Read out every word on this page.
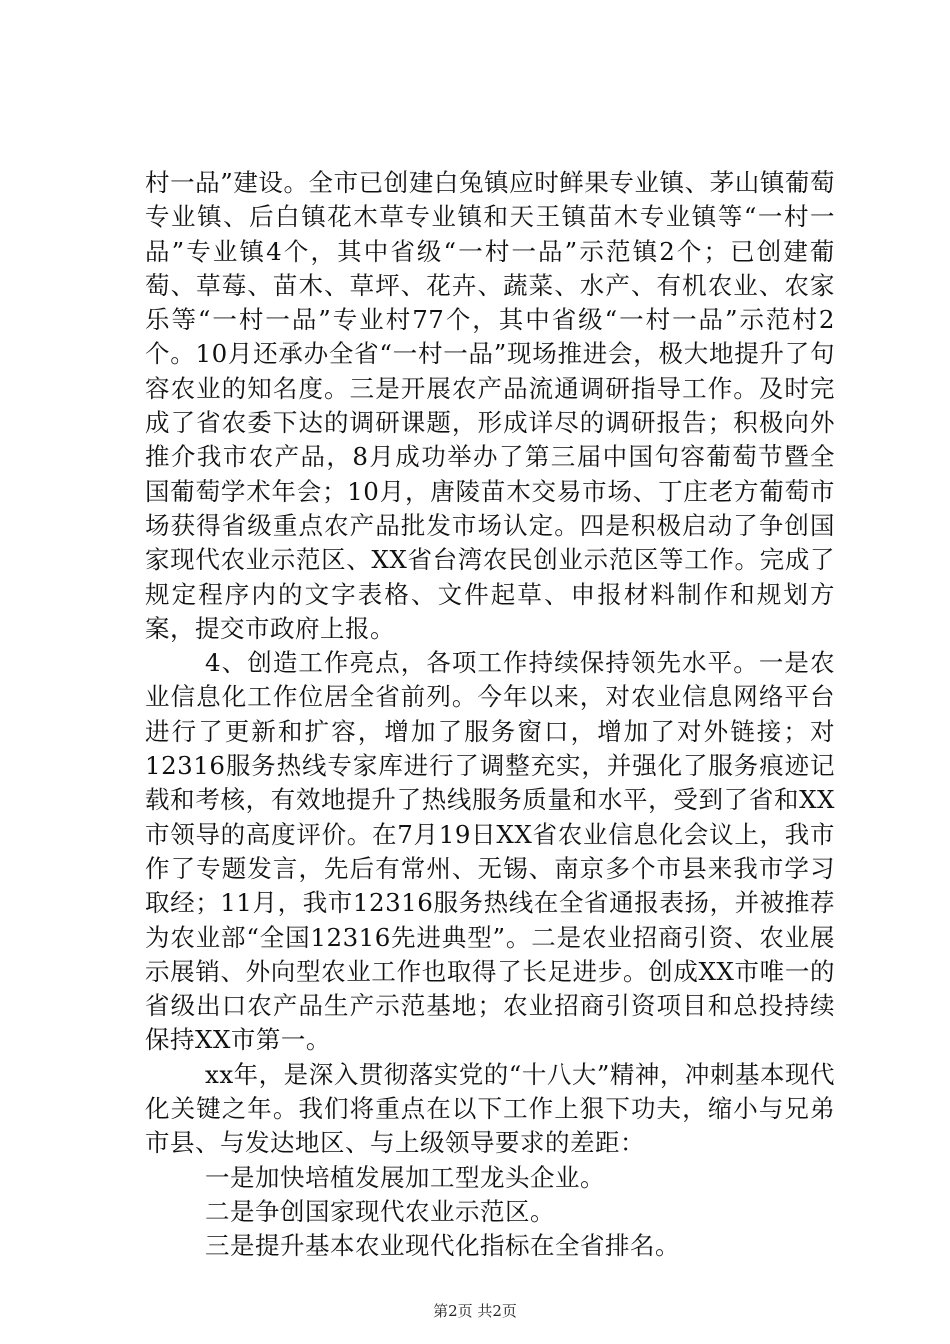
村一品”建设。全市已创建白兔镇应时鲜果专业镇、茅山镇葡萄专业镇、后白镇花木草专业镇和天王镇苗木专业镇等“一村一品”专业镇4个，其中省级“一村一品”示范镇2个；已创建葡萄、草莓、苗木、草坪、花卉、蔬菜、水产、有机农业、农家乐等“一村一品”专业村77个，其中省级“一村一品”示范村2个。10月还承办全省“一村一品”现场推进会，极大地提升了句容农业的知名度。三是开展农产品流通调研指导工作。及时完成了省农委下达的调研课题，形成详尽的调研报告；积极向外推介我市农产品，8月成功举办了第三届中国句容葡萄节暨全国葡萄学术年会；10月，唐陵苗木交易市场、丁庄老方葡萄市场获得省级重点农产品批发市场认定。四是积极启动了争创国家现代农业示范区、XX省台湾农民创业示范区等工作。完成了规定程序内的文字表格、文件起草、申报材料制作和规划方案，提交市政府上报。

4、创造工作亮点，各项工作持续保持领先水平。一是农业信息化工作位居全省前列。今年以来，对农业信息网络平台进行了更新和扩容，增加了服务窗口，增加了对外链接；对12316服务热线专家库进行了调整充实，并强化了服务痕迹记载和考核，有效地提升了热线服务质量和水平，受到了省和XX市领导的高度评价。在7月19日XX省农业信息化会议上，我市作了专题发言，先后有常州、无锡、南京多个市县来我市学习取经；11月，我市12316服务热线在全省通报表扬，并被推荐为农业部“全国12316先进典型”。二是农业招商引资、农业展示展销、外向型农业工作也取得了长足进步。创成XX市唯一的省级出口农产品生产示范基地；农业招商引资项目和总投持续保持XX市第一。

xx年，是深入贯彻落实党的“十八大”精神，冲刺基本现代化关键之年。我们将重点在以下工作上狠下功夫，缩小与兄弟市县、与发达地区、与上级领导要求的差距：

一是加快培植发展加工型龙头企业。

二是争创国家现代农业示范区。

三是提升基本农业现代化指标在全省排名。

第2页 共2页
